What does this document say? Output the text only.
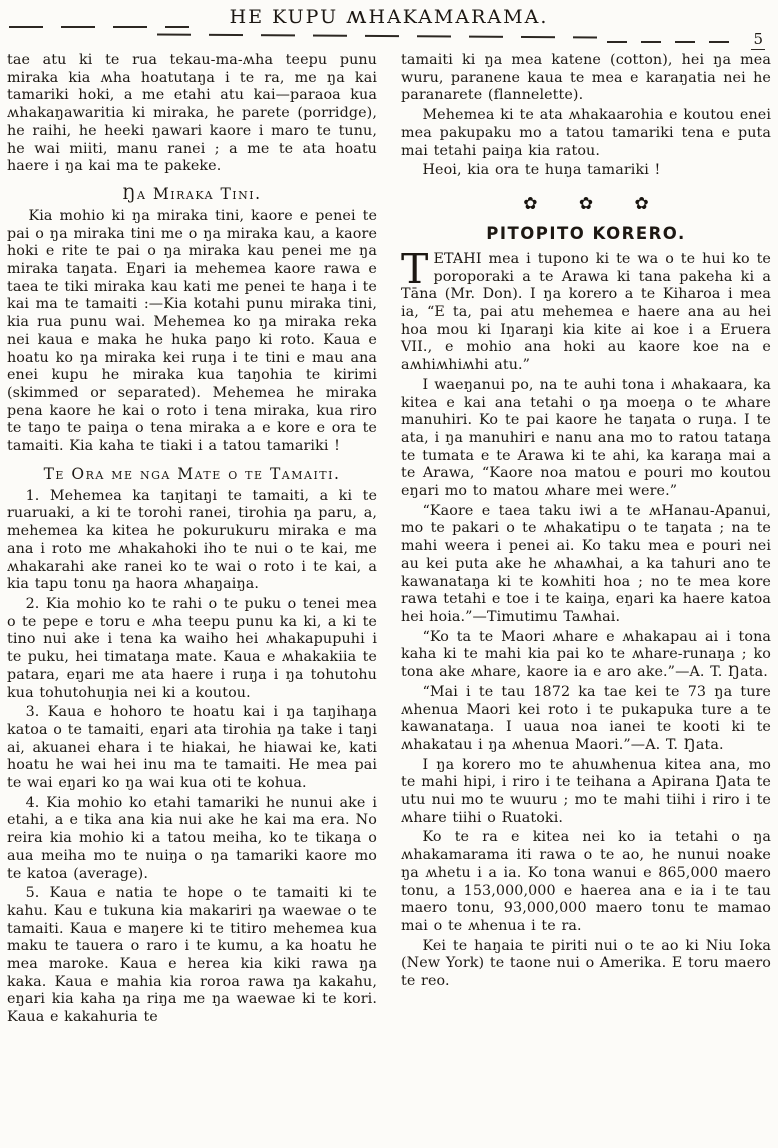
HE KUPU ʍHAKAMARAMA.
5

tae atu ki te rua tekau-ma-ʍha teepu punu miraka kia ʍha hoatutaŋa i te ra, me ŋa kai tamariki hoki, a me etahi atu kai—paraoa kua ʍhakaŋawaritia ki miraka, he parete (porridge), he raihi, he heeki ŋawari kaore i maro te tunu, he wai miiti, manu ranei ; a me te ata hoatu haere i ŋa kai ma te pakeke.

Ŋa Miraka Tini.

Kia mohio ki ŋa miraka tini, kaore e penei te pai o ŋa miraka tini me o ŋa miraka kau, a kaore hoki e rite te pai o ŋa miraka kau penei me ŋa miraka taŋata. Eŋari ia mehemea kaore rawa e taea te tiki miraka kau kati me penei te haŋa i te kai ma te tamaiti :—Kia kotahi punu miraka tini, kia rua punu wai. Mehemea ko ŋa miraka reka nei kaua e maka he huka paŋo ki roto. Kaua e hoatu ko ŋa miraka kei ruŋa i te tini e mau ana enei kupu he miraka kua taŋohia te kirimi (skimmed or separated). Mehemea he miraka pena kaore he kai o roto i tena miraka, kua riro te taŋo te paiŋa o tena miraka a e kore e ora te tamaiti. Kia kaha te tiaki i a tatou tamariki !

Te Ora me nga Mate o te Tamaiti.

1. Mehemea ka taŋitaŋi te tamaiti, a ki te ruaruaki, a ki te torohi ranei, tirohia ŋa paru, a, mehemea ka kitea he pokurukuru miraka e ma ana i roto me ʍhakahoki iho te nui o te kai, me ʍhakarahi ake ranei ko te wai o roto i te kai, a kia tapu tonu ŋa haora ʍhaŋaiŋa.

2. Kia mohio ko te rahi o te puku o tenei mea o te pepe e toru e ʍha teepu punu ka ki, a ki te tino nui ake i tena ka waiho hei ʍhakapupuhi i te puku, hei timataŋa mate. Kaua e ʍhakakiia te patara, eŋari me ata haere i ruŋa i ŋa tohutohu kua tohutohuŋia nei ki a koutou.

3. Kaua e hohoro te hoatu kai i ŋa taŋihaŋa katoa o te tamaiti, eŋari ata tirohia ŋa take i taŋi ai, akuanei ehara i te hiakai, he hiawai ke, kati hoatu he wai hei inu ma te tamaiti. He mea pai te wai eŋari ko ŋa wai kua oti te kohua.

4. Kia mohio ko etahi tamariki he nunui ake i etahi, a e tika ana kia nui ake he kai ma era. No reira kia mohio ki a tatou meiha, ko te tikaŋa o aua meiha mo te nuiŋa o ŋa tamariki kaore mo te katoa (average).

5. Kaua e natia te hope o te tamaiti ki te kahu. Kau e tukuna kia makariri ŋa waewae o te tamaiti. Kaua e maŋere ki te titiro mehemea kua maku te tauera o raro i te kumu, a ka hoatu he mea maroke. Kaua e herea kia kiki rawa ŋa kaka. Kaua e mahia kia roroa rawa ŋa kakahu, eŋari kia kaha ŋa riŋa me ŋa waewae ki te kori. Kaua e kakahuria te

tamaiti ki ŋa mea katene (cotton), hei ŋa mea wuru, paranene kaua te mea e karaŋatia nei he paranarete (flannelette).

Mehemea ki te ata ʍhakaarohia e koutou enei mea pakupaku mo a tatou tamariki tena e puta mai tetahi paiŋa kia ratou.

Heoi, kia ora te huŋa tamariki !

✿ ✿ ✿
PITOPITO KORERO.

TETAHI mea i tupono ki te wa o te hui ko te poroporaki a te Arawa ki tana pakeha ki a Tāna (Mr. Don). I ŋa korero a te Kiharoa i mea ia, “E ta, pai atu mehemea e haere ana au hei hoa mou ki Iŋaraŋi kia kite ai koe i a Eruera VII., e mohio ana hoki au kaore koe na e aʍhiʍhiʍhi atu.”

I waeŋanui po, na te auhi tona i ʍhakaara, ka kitea e kai ana tetahi o ŋa moeŋa o te ʍhare manuhiri. Ko te pai kaore he taŋata o ruŋa. I te ata, i ŋa manuhiri e nanu ana mo to ratou tataŋa te tumata e te Arawa ki te ahi, ka karaŋa mai a te Arawa, “Kaore noa matou e pouri mo koutou eŋari mo to matou ʍhare mei were.”

“Kaore e taea taku iwi a te ʍHanau-Apanui, mo te pakari o te ʍhakatipu o te taŋata ; na te mahi weera i penei ai. Ko taku mea e pouri nei au kei puta ake he ʍhaʍhai, a ka tahuri ano te kawanataŋa ki te koʍhiti hoa ; no te mea kore rawa tetahi e toe i te kaiŋa, eŋari ka haere katoa hei hoia.”—Timutimu Taʍhai.

“Ko ta te Maori ʍhare e ʍhakapau ai i tona kaha ki te mahi kia pai ko te ʍhare-runaŋa ; ko tona ake ʍhare, kaore ia e aro ake.”—A. T. Ŋata.

“Mai i te tau 1872 ka tae kei te 73 ŋa ture ʍhenua Maori kei roto i te pukapuka ture a te kawanataŋa. I uaua noa ianei te kooti ki te ʍhakatau i ŋa ʍhenua Maori.”—A. T. Ŋata.

I ŋa korero mo te ahuʍhenua kitea ana, mo te mahi hipi, i riro i te teihana a Apirana Ŋata te utu nui mo te wuuru ; mo te mahi tiihi i riro i te ʍhare tiihi o Ruatoki.

Ko te ra e kitea nei ko ia tetahi o ŋa ʍhakamarama iti rawa o te ao, he nunui noake ŋa ʍhetu i a ia. Ko tona wanui e 865,000 maero tonu, a 153,000,000 e haerea ana e ia i te tau maero tonu, 93,000,000 maero tonu te mamao mai o te ʍhenua i te ra.

Kei te haŋaia te piriti nui o te ao ki Niu Ioka (New York) te taone nui o Amerika. E toru maero te reo.
